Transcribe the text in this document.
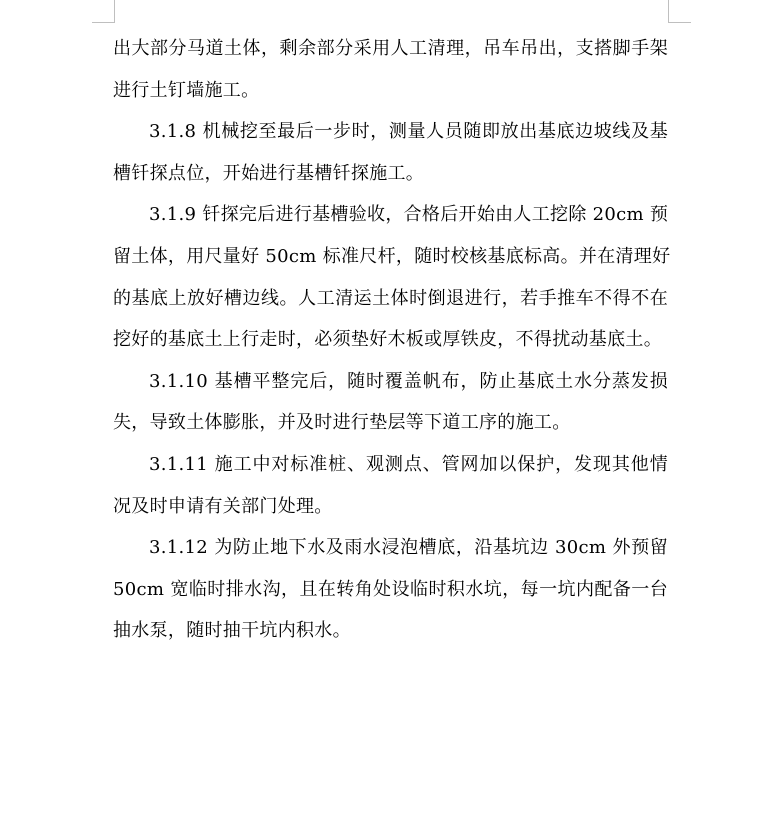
出大部分马道土体，剩余部分采用人工清理，吊车吊出，支搭脚手架
进行土钉墙施工。
3.1.8 机械挖至最后一步时，测量人员随即放出基底边坡线及基
槽钎探点位，开始进行基槽钎探施工。
3.1.9 钎探完后进行基槽验收，合格后开始由人工挖除 20cm 预
留土体，用尺量好 50cm 标准尺杆，随时校核基底标高。并在清理好
的基底上放好槽边线。人工清运土体时倒退进行，若手推车不得不在
挖好的基底土上行走时，必须垫好木板或厚铁皮，不得扰动基底土。
3.1.10 基槽平整完后，随时覆盖帆布，防止基底土水分蒸发损
失，导致土体膨胀，并及时进行垫层等下道工序的施工。
3.1.11 施工中对标准桩、观测点、管网加以保护，发现其他情
况及时申请有关部门处理。
3.1.12 为防止地下水及雨水浸泡槽底，沿基坑边 30cm 外预留
50cm 宽临时排水沟，且在转角处设临时积水坑，每一坑内配备一台
抽水泵，随时抽干坑内积水。
